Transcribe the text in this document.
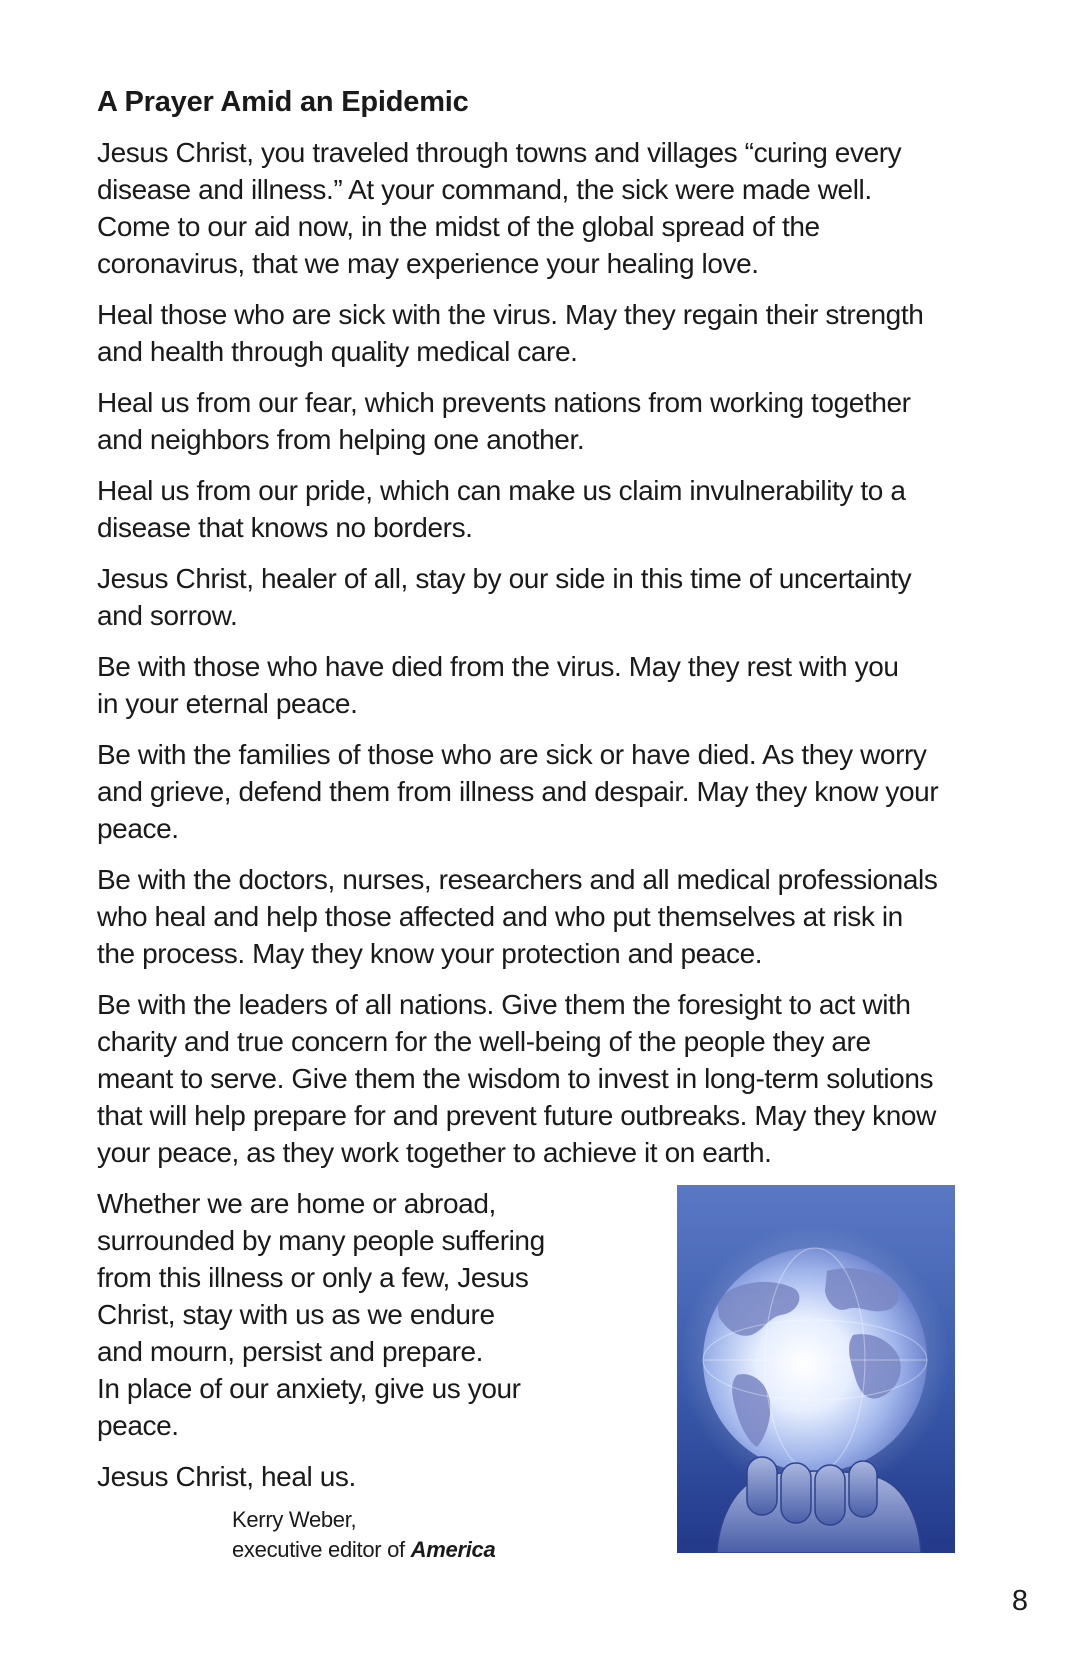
A Prayer Amid an Epidemic
Jesus Christ, you traveled through towns and villages “curing every
disease and illness.” At your command, the sick were made well.
Come to our aid now, in the midst of the global spread of the
coronavirus, that we may experience your healing love.
Heal those who are sick with the virus. May they regain their strength
and health through quality medical care.
Heal us from our fear, which prevents nations from working together
and neighbors from helping one another.
Heal us from our pride, which can make us claim invulnerability to a
disease that knows no borders.
Jesus Christ, healer of all, stay by our side in this time of uncertainty
and sorrow.
Be with those who have died from the virus. May they rest with you
in your eternal peace.
Be with the families of those who are sick or have died. As they worry
and grieve, defend them from illness and despair. May they know your
peace.
Be with the doctors, nurses, researchers and all medical professionals
who heal and help those affected and who put themselves at risk in
the process. May they know your protection and peace.
Be with the leaders of all nations. Give them the foresight to act with
charity and true concern for the well-being of the people they are
meant to serve. Give them the wisdom to invest in long-term solutions
that will help prepare for and prevent future outbreaks. May they know
your peace, as they work together to achieve it on earth.
Whether we are home or abroad,
surrounded by many people suffering
from this illness or only a few, Jesus
Christ, stay with us as we endure
and mourn, persist and prepare.
In place of our anxiety, give us your
peace.
Jesus Christ, heal us.
Kerry Weber,
executive editor of America
8
